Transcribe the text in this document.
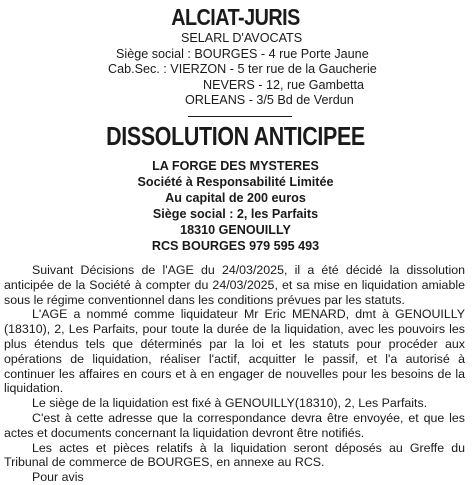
ALCIAT-JURIS
SELARL D'AVOCATS
Siège social : BOURGES - 4 rue Porte Jaune
Cab.Sec. : VIERZON - 5 ter rue de la Gaucherie
NEVERS - 12, rue Gambetta
ORLEANS - 3/5 Bd de Verdun
DISSOLUTION ANTICIPEE
LA FORGE DES MYSTERES
Société à Responsabilité Limitée
Au capital de 200 euros
Siège social : 2, les Parfaits
18310 GENOUILLY
RCS BOURGES 979 595 493

Suivant Décisions de l'AGE du 24/03/2025, il a été décidé la dissolution anticipée de la Société à compter du 24/03/2025, et sa mise en liquidation amiable sous le régime conventionnel dans les conditions prévues par les statuts.

L'AGE a nommé comme liquidateur Mr Eric MENARD, dmt à GENOUILLY (18310), 2, Les Parfaits, pour toute la durée de la liquidation, avec les pouvoirs les plus étendus tels que déterminés par la loi et les statuts pour procéder aux opérations de liquidation, réaliser l'actif, acquitter le passif, et l'a autorisé à continuer les affaires en cours et à en engager de nouvelles pour les besoins de la liquidation.

Le siège de la liquidation est fixé à GENOUILLY(18310), 2, Les Parfaits.

C'est à cette adresse que la correspondance devra être envoyée, et que les actes et documents concernant la liquidation devront être notifiés.

Les actes et pièces relatifs à la liquidation seront déposés au Greffe du Tribunal de commerce de BOURGES, en annexe au RCS.

Pour avis
